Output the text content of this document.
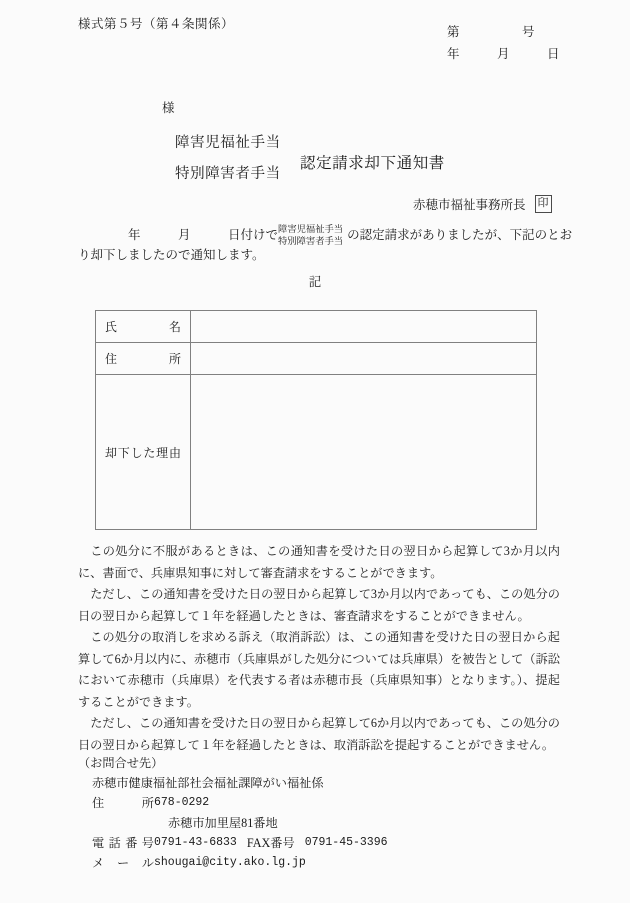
様式第５号（第４条関係）
第　　　　　号
年　　　月　　　日
様
障害児福祉手当
特別障害者手当
認定請求却下通知書
赤穂市福祉事務所長 印
　　　　年　　　月　　　日付けで 障害児福祉手当
特別障害者手当 の認定請求がありましたが、下記のとお
り却下しましたので通知します。
記
氏名	

住所	

却下した理由	

この処分に不服があるときは、この通知書を受けた日の翌日から起算して3か月以内に、書面で、兵庫県知事に対して審査請求をすることができます。

ただし、この通知書を受けた日の翌日から起算して3か月以内であっても、この処分の日の翌日から起算して１年を経過したときは、審査請求をすることができません。

この処分の取消しを求める訴え（取消訴訟）は、この通知書を受けた日の翌日から起算して6か月以内に、赤穂市（兵庫県がした処分については兵庫県）を被告として（訴訟において赤穂市（兵庫県）を代表する者は赤穂市長（兵庫県知事）となります。）、提起することができます。

ただし、この通知書を受けた日の翌日から起算して6か月以内であっても、この処分の日の翌日から起算して１年を経過したときは、取消訴訟を提起することができません。

（お問合せ先）
赤穂市健康福祉部社会福祉課障がい福祉係
住所 678-0292
赤穂市加里屋81番地
電話番号 0791-43-6833 FAX番号 0791-45-3396
メール shougai@city.ako.lg.jp
